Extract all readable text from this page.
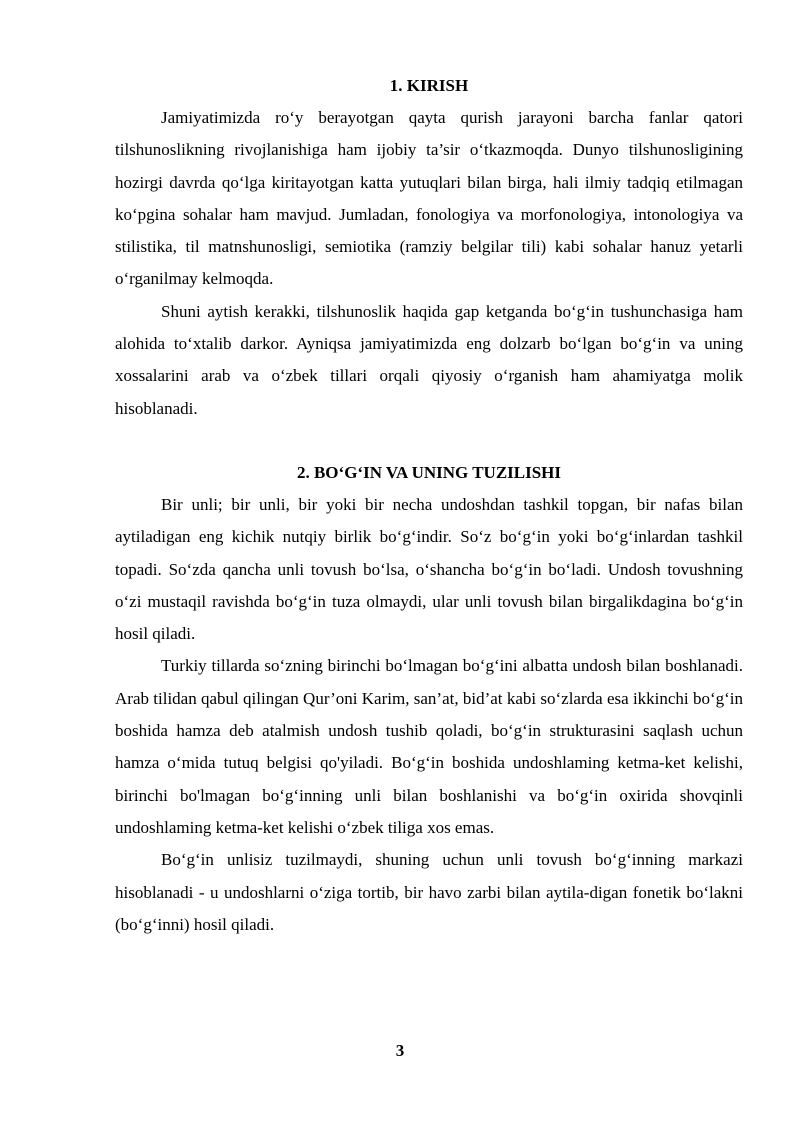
1. KIRISH

Jamiyatimizda ro‘y berayotgan qayta qurish jarayoni barcha fanlar qatori tilshunoslikning rivojlanishiga ham ijobiy ta’sir o‘tkazmoqda. Dunyo tilshunosligining hozirgi davrda qo‘lga kiritayotgan katta yutuqlari bilan birga, hali ilmiy tadqiq etilmagan ko‘pgina sohalar ham mavjud. Jumladan, fonologiya va morfonologiya, intonologiya va stilistika, til matnshunosligi, semiotika (ramziy belgilar tili) kabi sohalar hanuz yetarli o‘rganilmay kelmoqda.

Shuni aytish kerakki, tilshunoslik haqida gap ketganda bo‘g‘in tushunchasiga ham alohida to‘xtalib darkor. Ayniqsa jamiyatimizda eng dolzarb bo‘lgan bo‘g‘in va uning xossalarini arab va o‘zbek tillari orqali qiyosiy o‘rganish ham ahamiyatga molik hisoblanadi.

2. BO‘G‘IN VA UNING TUZILISHI

Bir unli; bir unli, bir yoki bir necha undoshdan tashkil topgan, bir nafas bilan aytiladigan eng kichik nutqiy birlik bo‘g‘indir. So‘z bo‘g‘in yoki bo‘g‘inlardan tashkil topadi. So‘zda qancha unli tovush bo‘lsa, o‘shancha bo‘g‘in bo‘ladi. Undosh tovushning o‘zi mustaqil ravishda bo‘g‘in tuza olmaydi, ular unli tovush bilan birgalikdagina bo‘g‘in hosil qiladi.

Turkiy tillarda so‘zning birinchi bo‘lmagan bo‘g‘ini albatta undosh bilan boshlanadi. Arab tilidan qabul qilingan Qur’oni Karim, san’at, bid’at kabi so‘zlarda esa ikkinchi bo‘g‘in boshida hamza deb atalmish undosh tushib qoladi, bo‘g‘in strukturasini saqlash uchun hamza o‘mida tutuq belgisi qo'yiladi. Bo‘g‘in boshida undoshlaming ketma-ket kelishi, birinchi bo'lmagan bo‘g‘inning unli bilan boshlanishi va bo‘g‘in oxirida shovqinli undoshlaming ketma-ket kelishi o‘zbek tiliga xos emas.

Bo‘g‘in unlisiz tuzilmaydi, shuning uchun unli tovush bo‘g‘inning markazi hisoblanadi - u undoshlarni o‘ziga tortib, bir havo zarbi bilan aytila-digan fonetik bo‘lakni (bo‘g‘inni) hosil qiladi.

3
